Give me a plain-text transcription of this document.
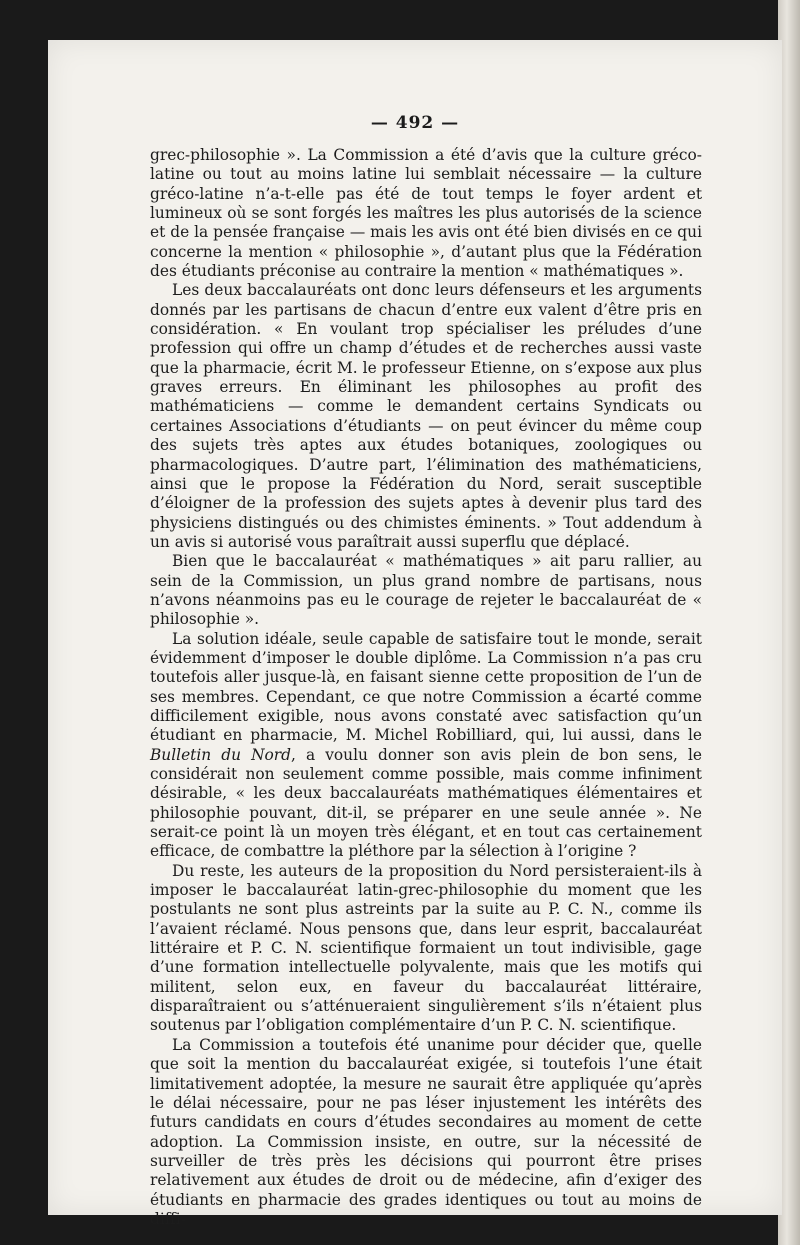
— 492 —

grec-philosophie ». La Commission a été d’avis que la culture gréco-latine ou tout au moins latine lui semblait nécessaire — la culture gréco-latine n’a-t-elle pas été de tout temps le foyer ardent et lumineux où se sont forgés les maîtres les plus autorisés de la science et de la pensée française — mais les avis ont été bien divisés en ce qui concerne la mention « philosophie », d’autant plus que la Fédération des étudiants préconise au contraire la mention « mathématiques ».

Les deux baccalauréats ont donc leurs défenseurs et les arguments donnés par les partisans de chacun d’entre eux valent d’être pris en considération. « En voulant trop spécialiser les préludes d’une profession qui offre un champ d’études et de recherches aussi vaste que la pharmacie, écrit M. le professeur Etienne, on s’expose aux plus graves erreurs. En éliminant les philosophes au profit des mathématiciens — comme le demandent certains Syndicats ou certaines Associations d’étudiants — on peut évincer du même coup des sujets très aptes aux études botaniques, zoologiques ou pharmacologiques. D’autre part, l’élimination des mathématiciens, ainsi que le propose la Fédération du Nord, serait susceptible d’éloigner de la profession des sujets aptes à devenir plus tard des physiciens distingués ou des chimistes éminents. » Tout addendum à un avis si autorisé vous paraîtrait aussi superflu que déplacé.

Bien que le baccalauréat « mathématiques » ait paru rallier, au sein de la Commission, un plus grand nombre de partisans, nous n’avons néanmoins pas eu le courage de rejeter le baccalauréat de « philosophie ».

La solution idéale, seule capable de satisfaire tout le monde, serait évidemment d’imposer le double diplôme. La Commission n’a pas cru toutefois aller jusque-là, en faisant sienne cette proposition de l’un de ses membres. Cependant, ce que notre Commission a écarté comme difficilement exigible, nous avons constaté avec satisfaction qu’un étudiant en pharmacie, M. Michel Robilliard, qui, lui aussi, dans le Bulletin du Nord, a voulu donner son avis plein de bon sens, le considérait non seulement comme possible, mais comme infiniment désirable, « les deux baccalauréats mathématiques élémentaires et philosophie pouvant, dit-il, se préparer en une seule année ». Ne serait-ce point là un moyen très élégant, et en tout cas certainement efficace, de combattre la pléthore par la sélection à l’origine ?

Du reste, les auteurs de la proposition du Nord persisteraient-ils à imposer le baccalauréat latin-grec-philosophie du moment que les postulants ne sont plus astreints par la suite au P. C. N., comme ils l’avaient réclamé. Nous pensons que, dans leur esprit, baccalauréat littéraire et P. C. N. scientifique formaient un tout indivisible, gage d’une formation intellectuelle polyvalente, mais que les motifs qui militent, selon eux, en faveur du baccalauréat littéraire, disparaîtraient ou s’atténueraient singulièrement s’ils n’étaient plus soutenus par l’obligation complémentaire d’un P. C. N. scientifique.

La Commission a toutefois été unanime pour décider que, quelle que soit la mention du baccalauréat exigée, si toutefois l’une était limitativement adoptée, la mesure ne saurait être appliquée qu’après le délai nécessaire, pour ne pas léser injustement les intérêts des futurs candidats en cours d’études secondaires au moment de cette adoption. La Commission insiste, en outre, sur la nécessité de surveiller de très près les décisions qui pourront être prises relativement aux études de droit ou de médecine, afin d’exiger des étudiants en pharmacie des grades identiques ou tout au moins de diffi-
